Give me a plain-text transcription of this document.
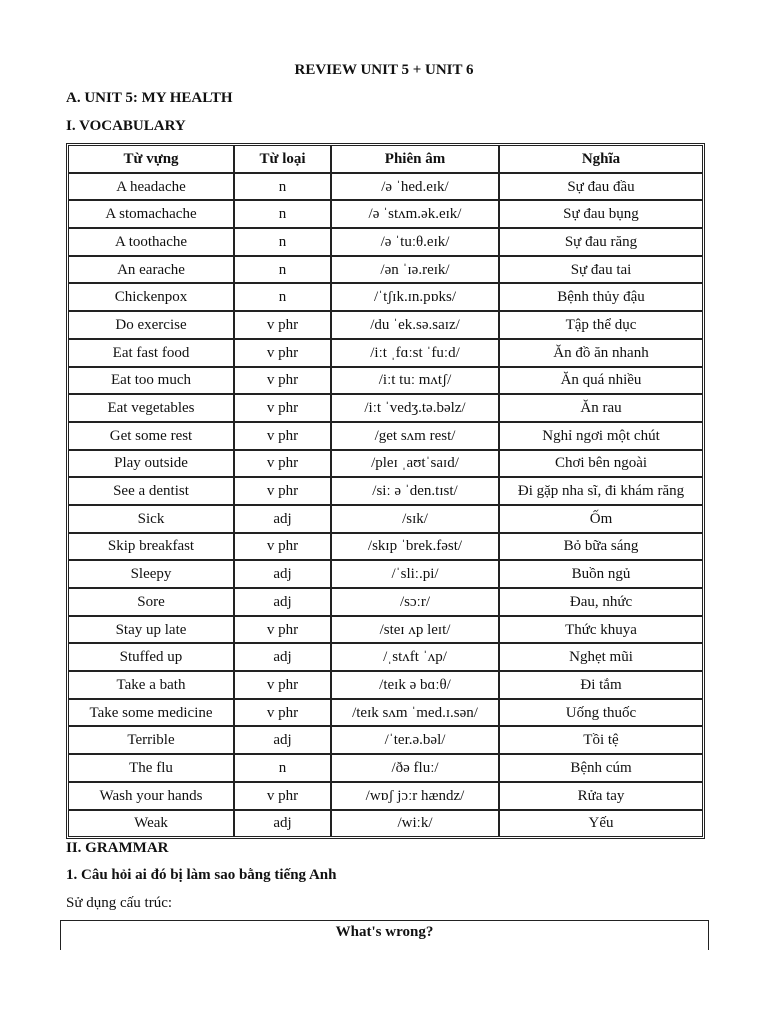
REVIEW UNIT 5 + UNIT 6
A. UNIT 5: MY HEALTH
I. VOCABULARY
Từ vựng	Từ loại	Phiên âm	Nghĩa
A headache	n	/ə ˈhed.eɪk/	Sự đau đầu
A stomachache	n	/ə ˈstʌm.ək.eɪk/	Sự đau bụng
A toothache	n	/ə ˈtuːθ.eɪk/	Sự đau răng
An earache	n	/ən ˈɪə.reɪk/	Sự đau tai
Chickenpox	n	/ˈtʃɪk.ɪn.pɒks/	Bệnh thủy đậu
Do exercise	v phr	/du ˈek.sə.saɪz/	Tập thể dục
Eat fast food	v phr	/iːt ˌfɑːst ˈfuːd/	Ăn đồ ăn nhanh
Eat too much	v phr	/iːt tuː mʌtʃ/	Ăn quá nhiều
Eat vegetables	v phr	/iːt ˈvedʒ.tə.bəlz/	Ăn rau
Get some rest	v phr	/get sʌm rest/	Nghỉ ngơi một chút
Play outside	v phr	/pleɪ ˌaʊtˈsaɪd/	Chơi bên ngoài
See a dentist	v phr	/siː ə ˈden.tɪst/	Đi gặp nha sĩ, đi khám răng
Sick	adj	/sɪk/	Ốm
Skip breakfast	v phr	/skɪp ˈbrek.fəst/	Bỏ bữa sáng
Sleepy	adj	/ˈsliː.pi/	Buồn ngủ
Sore	adj	/sɔːr/	Đau, nhức
Stay up late	v phr	/steɪ ʌp leɪt/	Thức khuya
Stuffed up	adj	/ˌstʌft ˈʌp/	Nghẹt mũi
Take a bath	v phr	/teɪk ə bɑːθ/	Đi tắm
Take some medicine	v phr	/teɪk sʌm ˈmed.ɪ.sən/	Uống thuốc
Terrible	adj	/ˈter.ə.bəl/	Tồi tệ
The flu	n	/ðə fluː/	Bệnh cúm
Wash your hands	v phr	/wɒʃ jɔːr hændz/	Rửa tay
Weak	adj	/wiːk/	Yếu
II. GRAMMAR
1. Câu hỏi ai đó bị làm sao bằng tiếng Anh
Sử dụng cấu trúc:
What's wrong?
